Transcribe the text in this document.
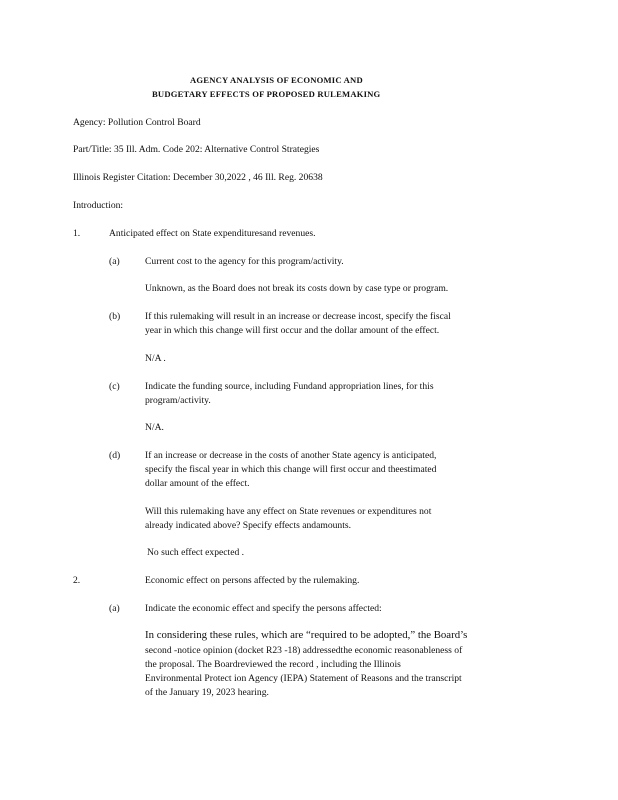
AGENCY ANALYSIS OF ECONOMIC AND
BUDGETARY EFFECTS OF PROPOSED RULEMAKING
Agency: Pollution Control Board
Part/Title: 35 Ill. Adm. Code 202: Alternative Control Strategies
Illinois Register Citation: December 30,2022 , 46 Ill. Reg. 20638
Introduction:
1.	Anticipated effect on State expendituresand revenues.
(a)	Current cost to the agency for this program/activity.
Unknown, as the Board does not break its costs down by case type or program.
(b)	If this rulemaking will result in an increase or decrease incost, specify the fiscal
year in which this change will first occur and the dollar amount of the effect.
N/A .
(c)	Indicate the funding source, including Fundand appropriation lines, for this
program/activity.
N/A.
(d)	If an increase or decrease in the costs of another State agency is anticipated,
specify the fiscal year in which this change will first occur and theestimated
dollar amount of the effect.
Will this rulemaking have any effect on State revenues or expenditures not
already indicated above? Specify effects andamounts.
No such effect expected .
2.	Economic effect on persons affected by the rulemaking.
(a)	Indicate the economic effect and specify the persons affected:
In considering these rules, which are “required to be adopted,” the Board’s
second -notice opinion (docket R23 -18) addressedthe economic reasonableness of
the proposal. The Boardreviewed the record , including the Illinois
Environmental Protect ion Agency (IEPA) Statement of Reasons and the transcript
of the January 19, 2023 hearing.
